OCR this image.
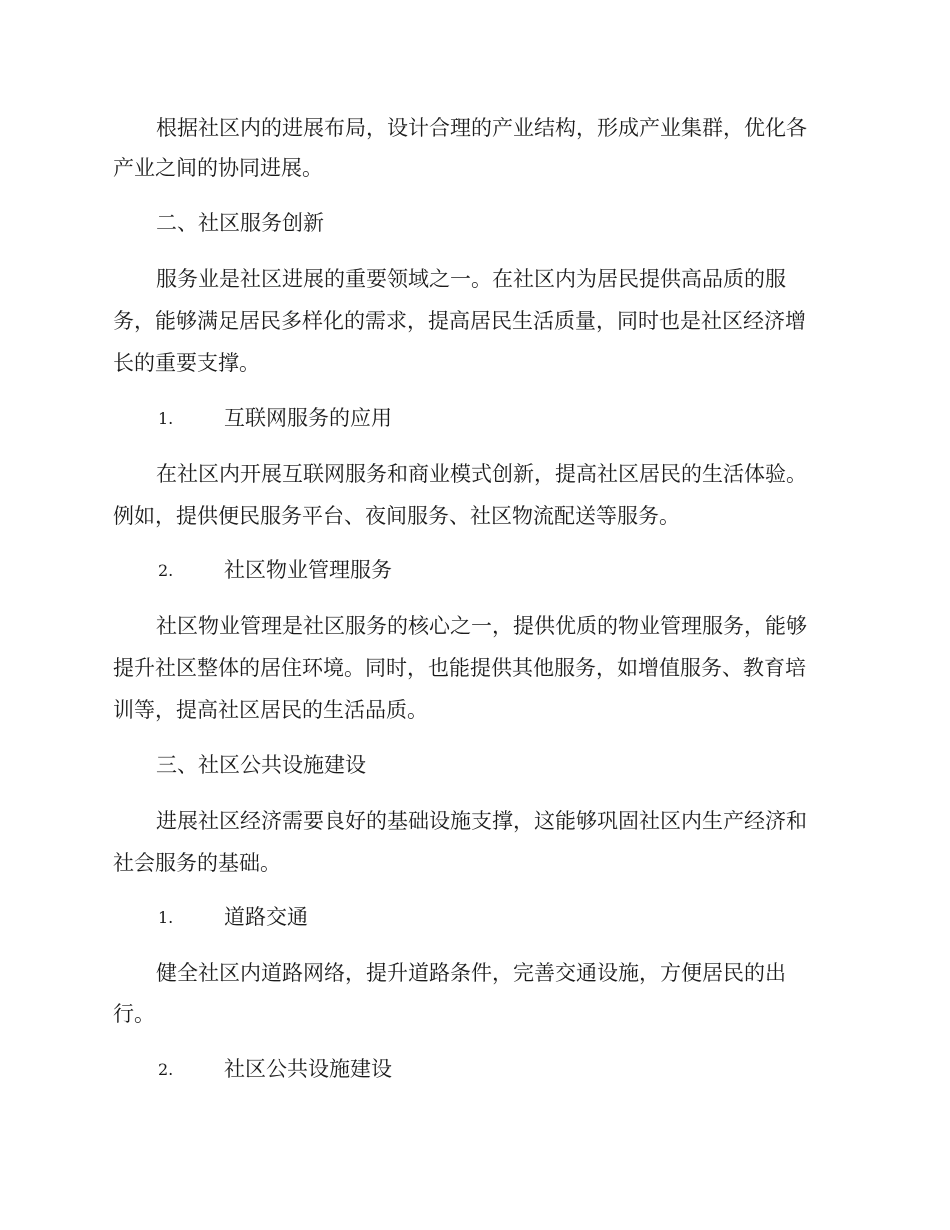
根据社区内的进展布局，设计合理的产业结构，形成产业集群，优化各
产业之间的协同进展。
二、社区服务创新
服务业是社区进展的重要领域之一。在社区内为居民提供高品质的服
务，能够满足居民多样化的需求，提高居民生活质量，同时也是社区经济增
长的重要支撑。
1. 互联网服务的应用
在社区内开展互联网服务和商业模式创新，提高社区居民的生活体验。
例如，提供便民服务平台、夜间服务、社区物流配送等服务。
2. 社区物业管理服务
社区物业管理是社区服务的核心之一，提供优质的物业管理服务，能够
提升社区整体的居住环境。同时，也能提供其他服务，如增值服务、教育培
训等，提高社区居民的生活品质。
三、社区公共设施建设
进展社区经济需要良好的基础设施支撑，这能够巩固社区内生产经济和
社会服务的基础。
1. 道路交通
健全社区内道路网络，提升道路条件，完善交通设施，方便居民的出
行。
2. 社区公共设施建设
